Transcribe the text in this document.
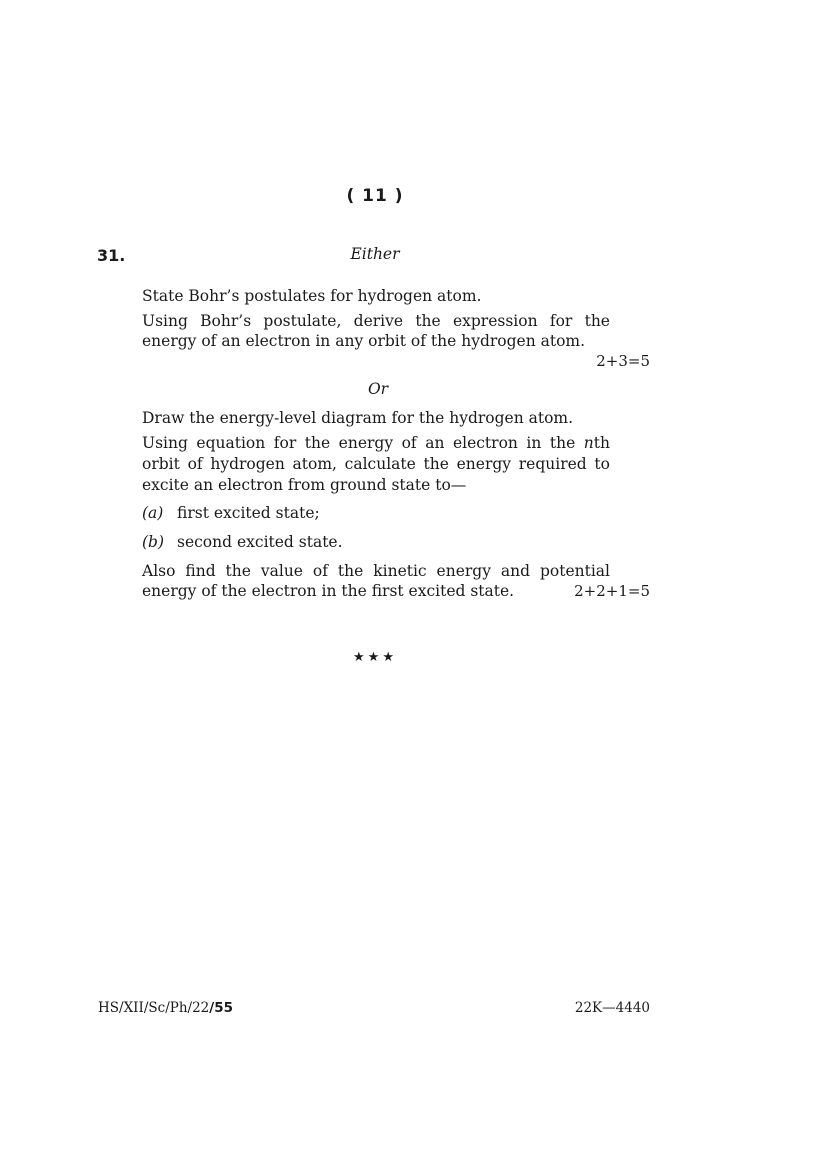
( 11 )
31.	Either
State Bohr’s postulates for hydrogen atom.
Using Bohr’s postulate, derive the expression for the
energy of an electron in any orbit of the hydrogen atom.
2+3=5
Or
Draw the energy-level diagram for the hydrogen atom.
Using equation for the energy of an electron in the nth
orbit of hydrogen atom, calculate the energy required to
excite an electron from ground state to—
(a) first excited state;
(b) second excited state.
Also find the value of the kinetic energy and potential
energy of the electron in the first excited state.	2+2+1=5
★★★
HS/XII/Sc/Ph/22/55	22K—4440
